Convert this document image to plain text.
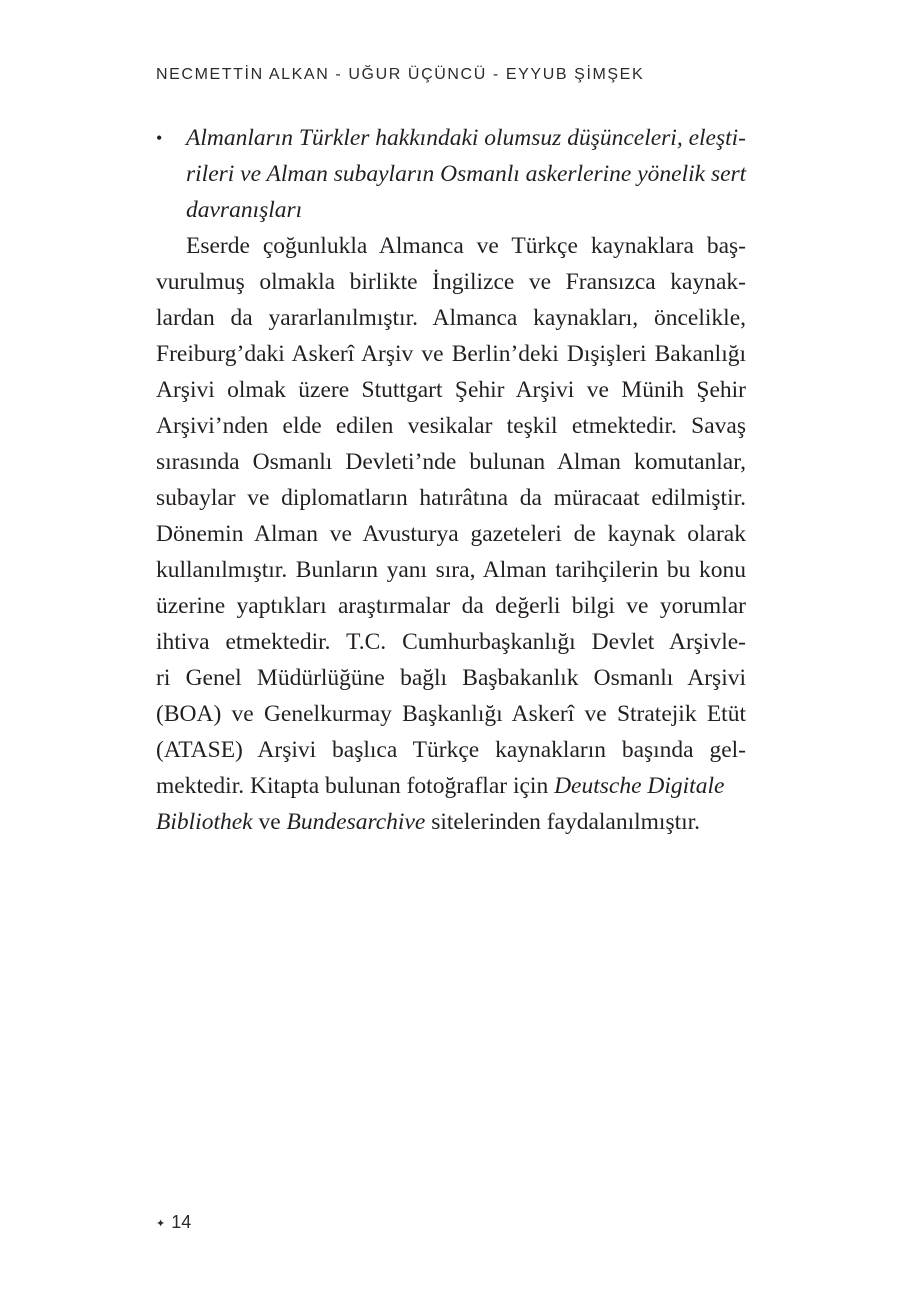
NECMETTİN ALKAN - UĞUR ÜÇÜNCÜ - EYYUB ŞİMŞEK
• Almanların Türkler hakkındaki olumsuz düşünceleri, eleşti-
rileri ve Alman subayların Osmanlı askerlerine yönelik sert
davranışları
Eserde çoğunlukla Almanca ve Türkçe kaynaklara baş-
vurulmuş olmakla birlikte İngilizce ve Fransızca kaynak-
lardan da yararlanılmıştır. Almanca kaynakları, öncelikle,
Freiburg’daki Askerî Arşiv ve Berlin’deki Dışişleri Bakanlığı
Arşivi olmak üzere Stuttgart Şehir Arşivi ve Münih Şehir
Arşivi’nden elde edilen vesikalar teşkil etmektedir. Savaş
sırasında Osmanlı Devleti’nde bulunan Alman komutanlar,
subaylar ve diplomatların hatırâtına da müracaat edilmiştir.
Dönemin Alman ve Avusturya gazeteleri de kaynak olarak
kullanılmıştır. Bunların yanı sıra, Alman tarihçilerin bu konu
üzerine yaptıkları araştırmalar da değerli bilgi ve yorumlar
ihtiva etmektedir. T.C. Cumhurbaşkanlığı Devlet Arşivle-
ri Genel Müdürlüğüne bağlı Başbakanlık Osmanlı Arşivi
(BOA) ve Genelkurmay Başkanlığı Askerî ve Stratejik Etüt
(ATASE) Arşivi başlıca Türkçe kaynakların başında gel-
mektedir. Kitapta bulunan fotoğraflar için Deutsche Digitale
Bibliothek ve Bundesarchive sitelerinden faydalanılmıştır.
✦ 14
